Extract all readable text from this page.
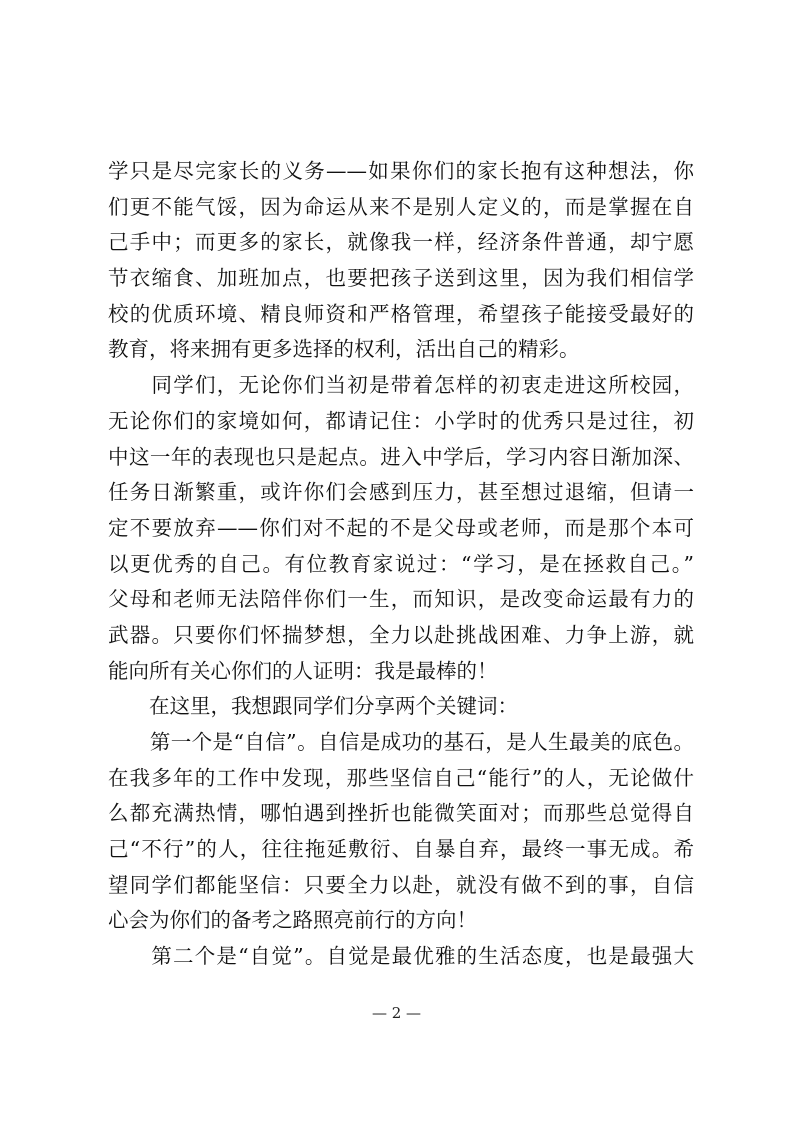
学只是尽完家长的义务——如果你们的家长抱有这种想法，你
们更不能气馁，因为命运从来不是别人定义的，而是掌握在自
己手中；而更多的家长，就像我一样，经济条件普通，却宁愿
节衣缩食、加班加点，也要把孩子送到这里，因为我们相信学
校的优质环境、精良师资和严格管理，希望孩子能接受最好的
教育，将来拥有更多选择的权利，活出自己的精彩。
　　同学们，无论你们当初是带着怎样的初衷走进这所校园，
无论你们的家境如何，都请记住：小学时的优秀只是过往，初
中这一年的表现也只是起点。进入中学后，学习内容日渐加深、
任务日渐繁重，或许你们会感到压力，甚至想过退缩，但请一
定不要放弃——你们对不起的不是父母或老师，而是那个本可
以更优秀的自己。有位教育家说过：“学习，是在拯救自己。”
父母和老师无法陪伴你们一生，而知识，是改变命运最有力的
武器。只要你们怀揣梦想，全力以赴挑战困难、力争上游，就
能向所有关心你们的人证明：我是最棒的！
　　在这里，我想跟同学们分享两个关键词：
　　第一个是“自信”。自信是成功的基石，是人生最美的底色。
在我多年的工作中发现，那些坚信自己“能行”的人，无论做什
么都充满热情，哪怕遇到挫折也能微笑面对；而那些总觉得自
己“不行”的人，往往拖延敷衍、自暴自弃，最终一事无成。希
望同学们都能坚信：只要全力以赴，就没有做不到的事，自信
心会为你们的备考之路照亮前行的方向！
　　第二个是“自觉”。自觉是最优雅的生活态度，也是最强大
— 2 —
